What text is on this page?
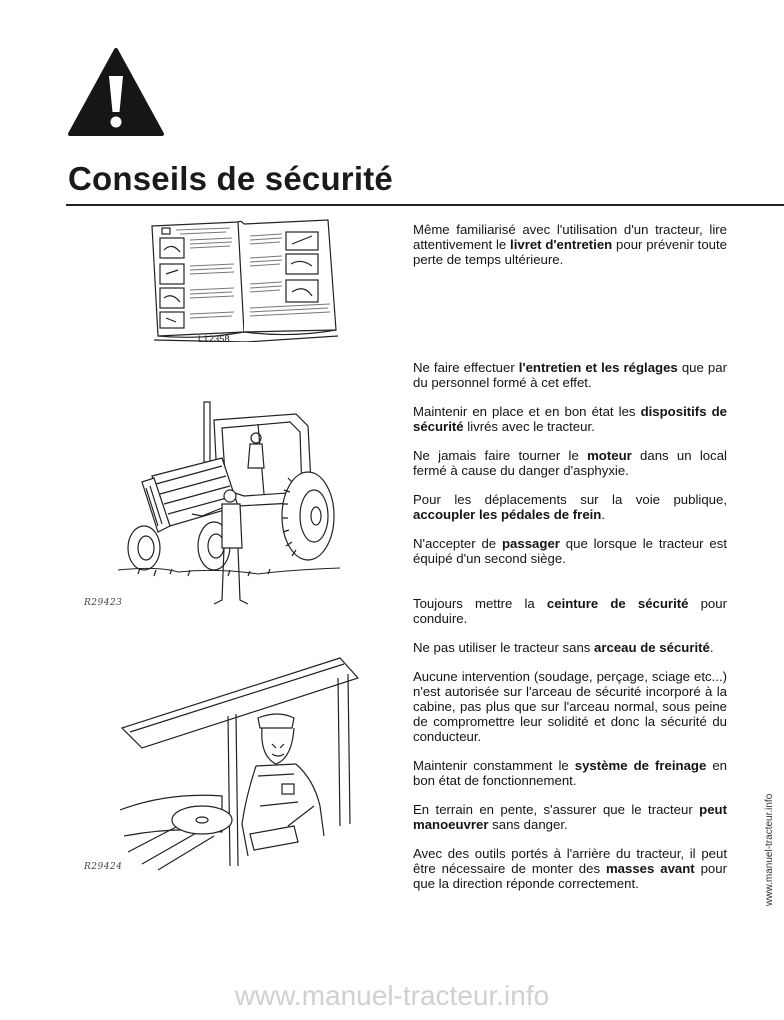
Conseils de sécurité
L12358
R29423
R29424

Même familiarisé avec l'utilisation d'un tracteur, lire attentivement le livret d'entretien pour prévenir toute perte de temps ultérieure.

Ne faire effectuer l'entretien et les réglages que par du personnel formé à cet effet.

Maintenir en place et en bon état les dispositifs de sécurité livrés avec le tracteur.

Ne jamais faire tourner le moteur dans un local fermé à cause du danger d'asphyxie.

Pour les déplacements sur la voie publique, accoupler les pédales de frein.

N'accepter de passager que lorsque le tracteur est équipé d'un second siège.

Toujours mettre la ceinture de sécurité pour conduire.

Ne pas utiliser le tracteur sans arceau de sécurité.

Aucune intervention (soudage, perçage, sciage etc...) n'est autorisée sur l'arceau de sécurité incorporé à la cabine, pas plus que sur l'arceau normal, sous peine de compromettre leur solidité et donc la sécurité du conducteur.

Maintenir constamment le système de freinage en bon état de fonctionnement.

En terrain en pente, s'assurer que le tracteur peut manoeuvrer sans danger.

Avec des outils portés à l'arrière du tracteur, il peut être nécessaire de monter des masses avant pour que la direction réponde correctement.	www.manuel-tracteur.info
www.manuel-tracteur.info
